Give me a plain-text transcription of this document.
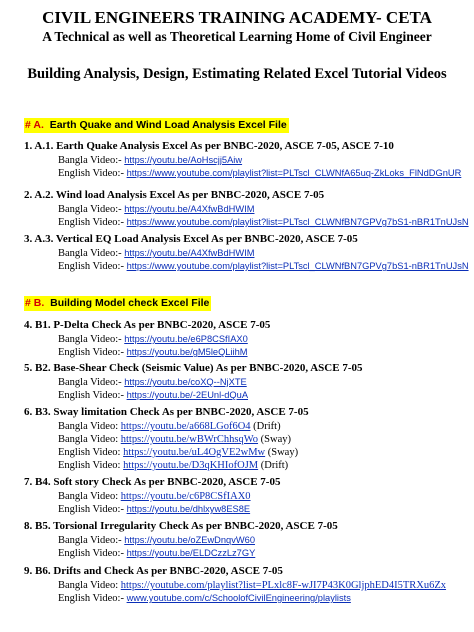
CIVIL ENGINEERS TRAINING ACADEMY- CETA
A Technical as well as Theoretical Learning Home of Civil Engineer
Building Analysis, Design, Estimating Related Excel Tutorial Videos
# A. Earth Quake and Wind Load Analysis Excel File
1. A.1. Earth Quake Analysis Excel As per BNBC-2020, ASCE 7-05, ASCE 7-10
Bangla Video:- https://youtu.be/AoHscjj5Aiw
English Video:- https://www.youtube.com/playlist?list=PLTscl_CLWNfA65uq-ZkLoks_FlNdDGnUR
2. A.2. Wind load Analysis Excel As per BNBC-2020, ASCE 7-05
Bangla Video:- https://youtu.be/A4XfwBdHWIM
English Video:- https://www.youtube.com/playlist?list=PLTscl_CLWNfBN7GPVg7bS1-nBR1TnUJsN
3. A.3. Vertical EQ Load Analysis Excel As per BNBC-2020, ASCE 7-05
Bangla Video:- https://youtu.be/A4XfwBdHWIM
English Video:- https://www.youtube.com/playlist?list=PLTscl_CLWNfBN7GPVg7bS1-nBR1TnUJsN
# B. Building Model check Excel File
4. B1. P-Delta Check As per BNBC-2020, ASCE 7-05
Bangla Video:- https://youtu.be/e6P8CSfIAX0
English Video:- https://youtu.be/gM5leQLiihM
5. B2. Base-Shear Check (Seismic Value) As per BNBC-2020, ASCE 7-05
Bangla Video:- https://youtu.be/coXQ--NjXTE
English Video:- https://youtu.be/-2EUnl-dQuA
6. B3. Sway limitation Check As per BNBC-2020, ASCE 7-05
Bangla Video: https://youtu.be/a668LGof6O4 (Drift)
Bangla Video: https://youtu.be/wBWrChhsqWo (Sway)
English Video: https://youtu.be/uL4OgVE2wMw (Sway)
English Video: https://youtu.be/D3qKHIofOJM (Drift)
7. B4. Soft story Check As per BNBC-2020, ASCE 7-05
Bangla Video: https://youtu.be/c6P8CSfIAX0
English Video:- https://youtu.be/dhlxyw8ES8E
8. B5. Torsional Irregularity Check As per BNBC-2020, ASCE 7-05
Bangla Video:- https://youtu.be/oZEwDnqvW60
English Video:- https://youtu.be/ELDCzzLz7GY
9. B6. Drifts and Check As per BNBC-2020, ASCE 7-05
Bangla Video: https://youtube.com/playlist?list=PLxlc8F-wJI7P43K0GljphED4I5TRXu6Zx
English Video:- www.youtube.com/c/SchoolofCivilEngineering/playlists
